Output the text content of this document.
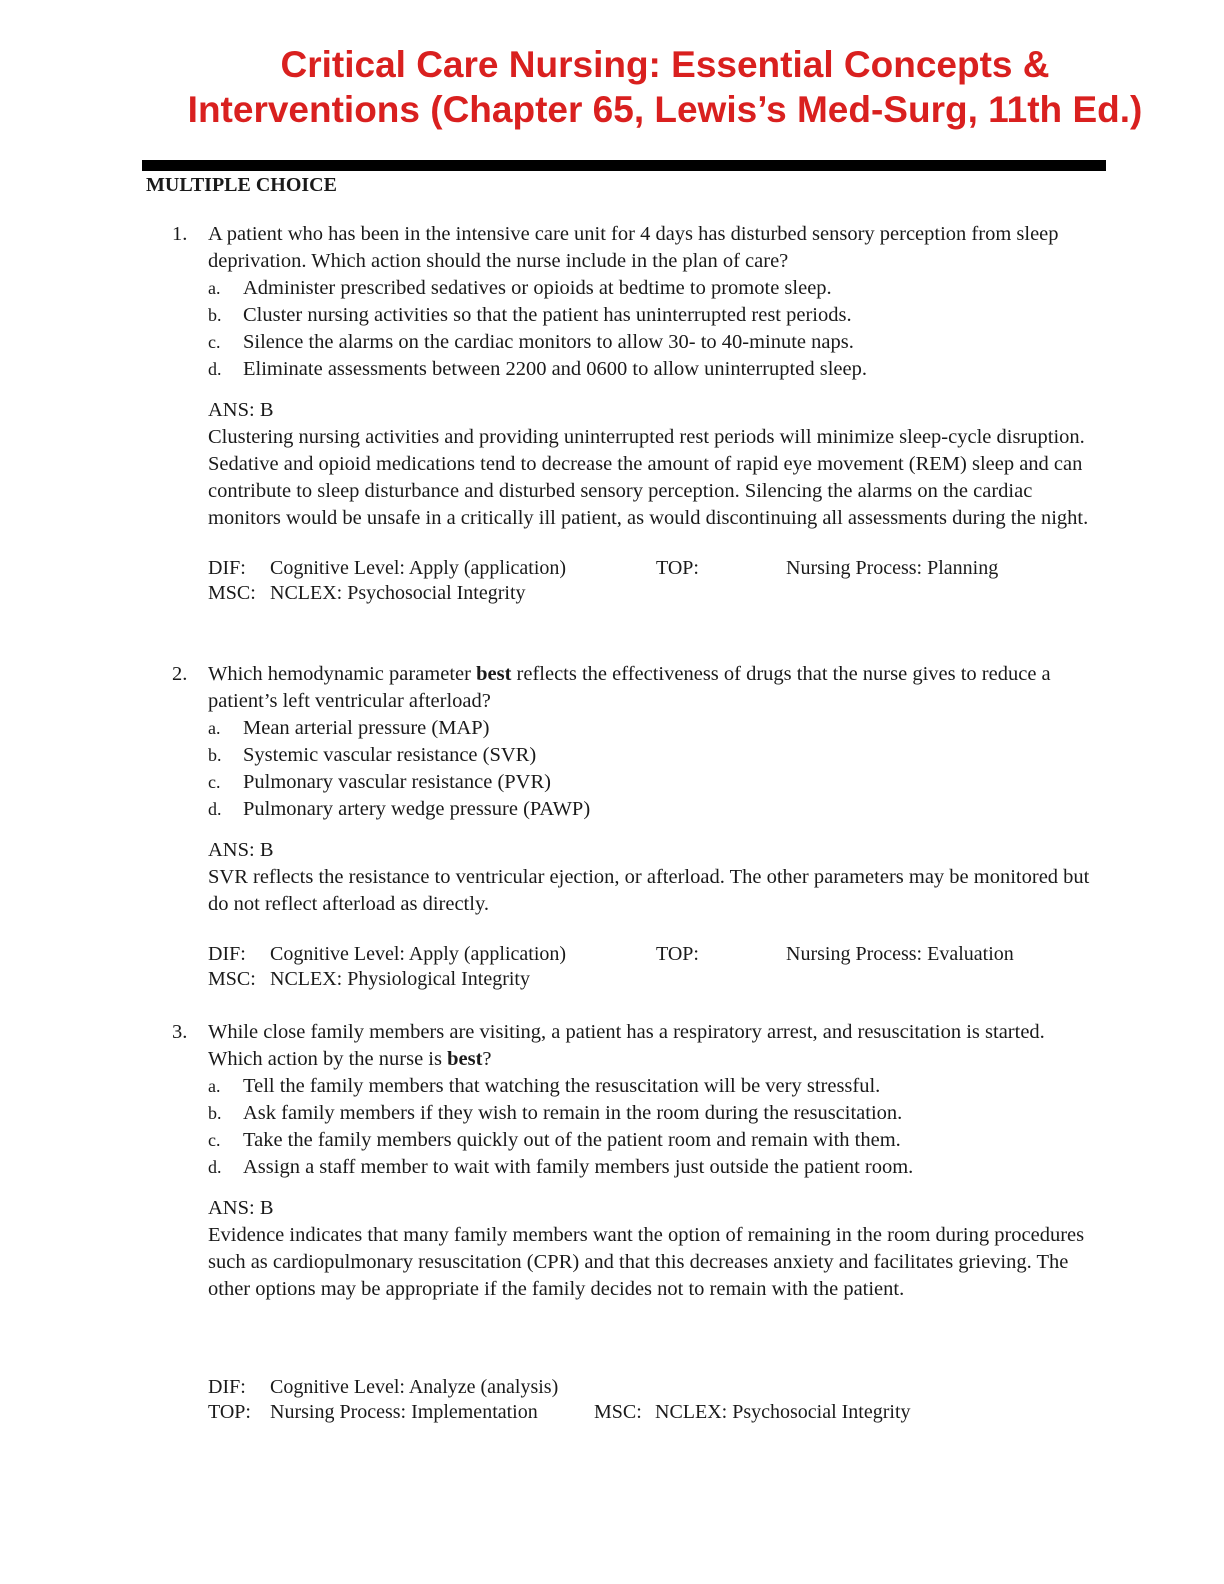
Critical Care Nursing: Essential Concepts &
Interventions (Chapter 65, Lewis’s Med-Surg, 11th Ed.)
MULTIPLE CHOICE
1.	A patient who has been in the intensive care unit for 4 days has disturbed sensory perception from sleep deprivation. Which action should the nurse include in the plan of care?
a. Administer prescribed sedatives or opioids at bedtime to promote sleep.
b. Cluster nursing activities so that the patient has uninterrupted rest periods.
c. Silence the alarms on the cardiac monitors to allow 30- to 40-minute naps.
d. Eliminate assessments between 2200 and 0600 to allow uninterrupted sleep.
ANS: B
Clustering nursing activities and providing uninterrupted rest periods will minimize sleep-cycle disruption. Sedative and opioid medications tend to decrease the amount of rapid eye movement (REM) sleep and can contribute to sleep disturbance and disturbed sensory perception. Silencing the alarms on the cardiac monitors would be unsafe in a critically ill patient, as would discontinuing all assessments during the night.
DIF: Cognitive Level: Apply (application)	TOP:	Nursing Process: Planning
MSC: NCLEX: Psychosocial Integrity
2.	Which hemodynamic parameter best reflects the effectiveness of drugs that the nurse gives to reduce a patient’s left ventricular afterload?
a. Mean arterial pressure (MAP)
b. Systemic vascular resistance (SVR)
c. Pulmonary vascular resistance (PVR)
d. Pulmonary artery wedge pressure (PAWP)
ANS: B
SVR reflects the resistance to ventricular ejection, or afterload. The other parameters may be monitored but do not reflect afterload as directly.
DIF: Cognitive Level: Apply (application)	TOP:	Nursing Process: Evaluation
MSC: NCLEX: Physiological Integrity
3.	While close family members are visiting, a patient has a respiratory arrest, and resuscitation is started. Which action by the nurse is best?
a. Tell the family members that watching the resuscitation will be very stressful.
b. Ask family members if they wish to remain in the room during the resuscitation.
c. Take the family members quickly out of the patient room and remain with them.
d. Assign a staff member to wait with family members just outside the patient room.
ANS: B
Evidence indicates that many family members want the option of remaining in the room during procedures such as cardiopulmonary resuscitation (CPR) and that this decreases anxiety and facilitates grieving. The other options may be appropriate if the family decides not to remain with the patient.
DIF: Cognitive Level: Analyze (analysis)
TOP: Nursing Process: Implementation	MSC: NCLEX: Psychosocial Integrity
